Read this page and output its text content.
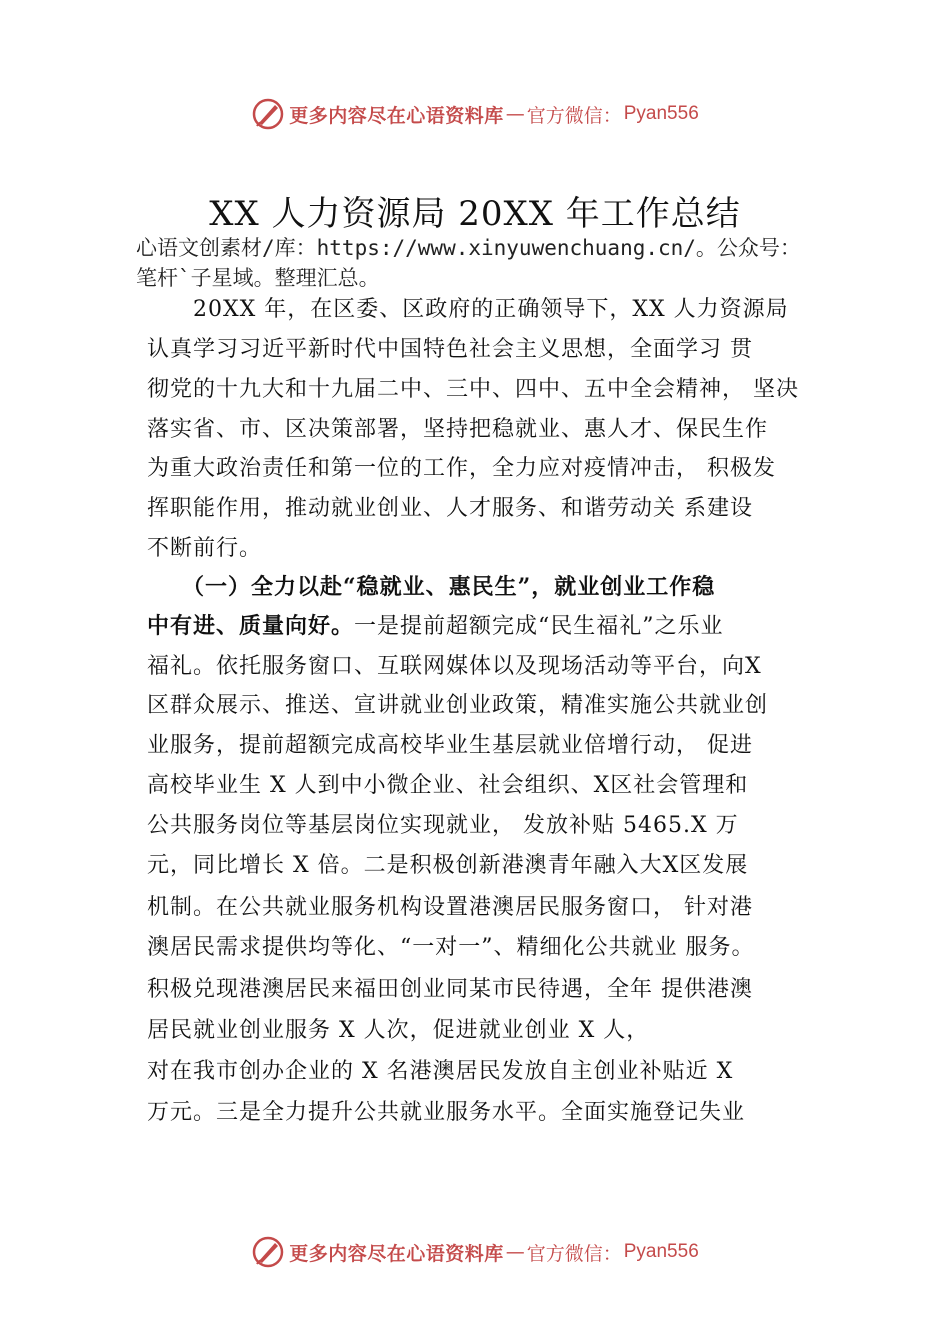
更多内容尽在心语资料库 — 官方微信： Pyan556
XX 人力资源局 20XX 年工作总结
心语文创素材/库：https://www.xinyuwenchuang.cn/。公众号：
笔杆`子星域。整理汇总。
　　20XX 年，在区委、区政府的正确领导下，XX 人力资源局
认真学习习近平新时代中国特色社会主义思想，全面学习 贯
彻党的十九大和十九届二中、三中、四中、五中全会精神， 坚决
落实省、市、区决策部署，坚持把稳就业、惠人才、保民生作
为重大政治责任和第一位的工作，全力应对疫情冲击， 积极发
挥职能作用，推动就业创业、人才服务、和谐劳动关 系建设
不断前行。
　　（一）全力以赴“稳就业、惠民生”，就业创业工作稳
中有进、质量向好。一是提前超额完成“民生福礼”之乐业
福礼。依托服务窗口、互联网媒体以及现场活动等平台，向X
区群众展示、推送、宣讲就业创业政策，精准实施公共就业创
业服务，提前超额完成高校毕业生基层就业倍增行动， 促进
高校毕业生 X 人到中小微企业、社会组织、X区社会管理和
公共服务岗位等基层岗位实现就业， 发放补贴 5465.X 万
元，同比增长 X 倍。二是积极创新港澳青年融入大X区发展
机制。在公共就业服务机构设置港澳居民服务窗口， 针对港
澳居民需求提供均等化、“一对一”、精细化公共就业 服务。
积极兑现港澳居民来福田创业同某市民待遇，全年 提供港澳
居民就业创业服务 X 人次，促进就业创业 X 人，
对在我市创办企业的 X 名港澳居民发放自主创业补贴近 X
万元。三是全力提升公共就业服务水平。全面实施登记失业
更多内容尽在心语资料库 — 官方微信： Pyan556
